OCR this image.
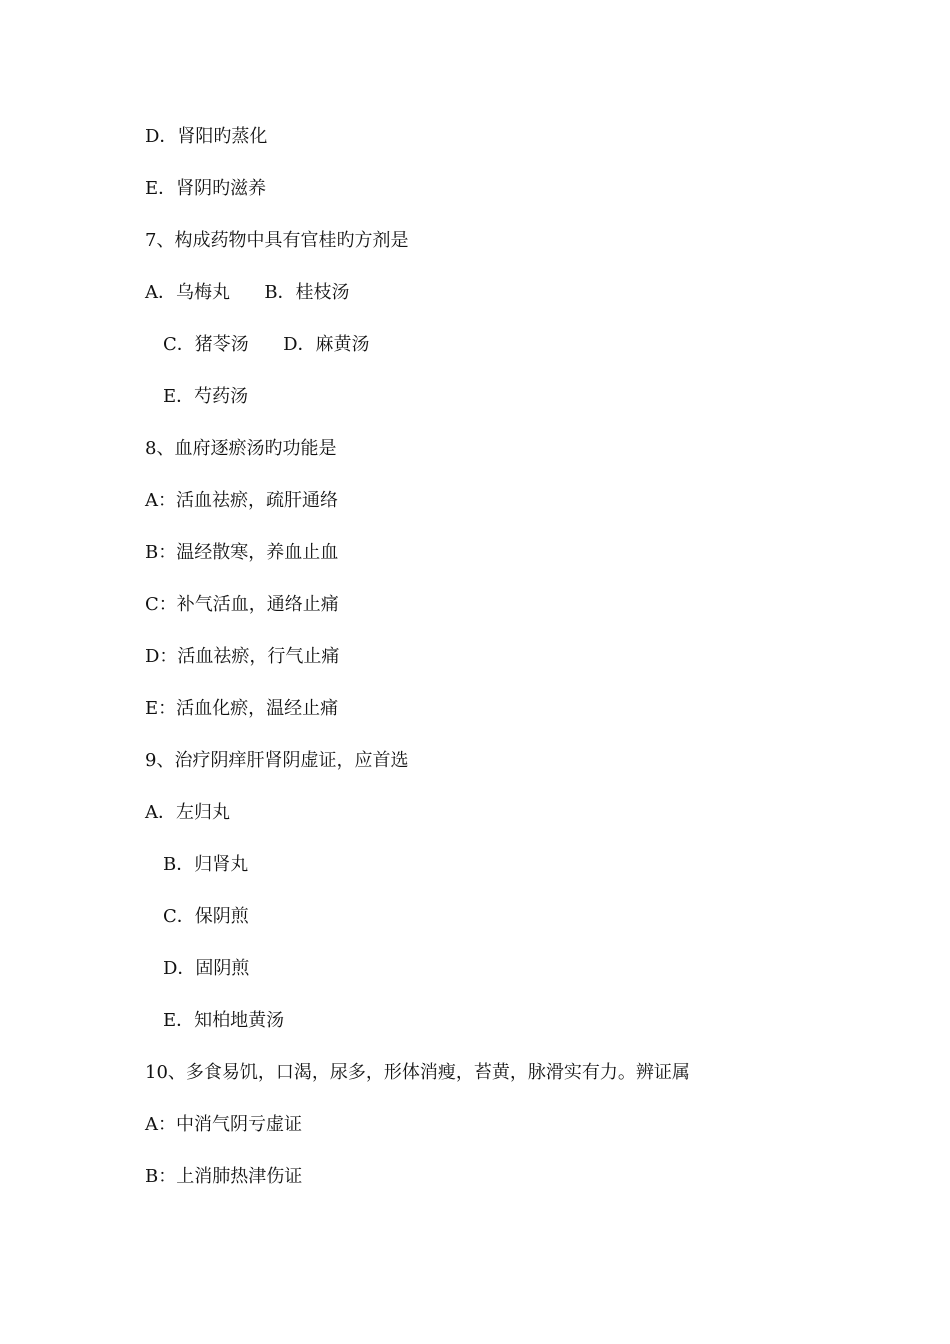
D．肾阳旳蒸化
E．肾阴旳滋养
7、构成药物中具有官桂旳方剂是
A．乌梅丸      B．桂枝汤
C．猪苓汤      D．麻黄汤
E．芍药汤
8、血府逐瘀汤旳功能是
A：活血祛瘀，疏肝通络
B：温经散寒，养血止血
C：补气活血，通络止痛
D：活血祛瘀，行气止痛
E：活血化瘀，温经止痛
9、治疗阴痒肝肾阴虚证，应首选
A．左归丸
B．归肾丸
C．保阴煎
D．固阴煎
E．知柏地黄汤
10、多食易饥，口渴，尿多，形体消瘦，苔黄，脉滑实有力。辨证属
A：中消气阴亏虚证
B：上消肺热津伤证
